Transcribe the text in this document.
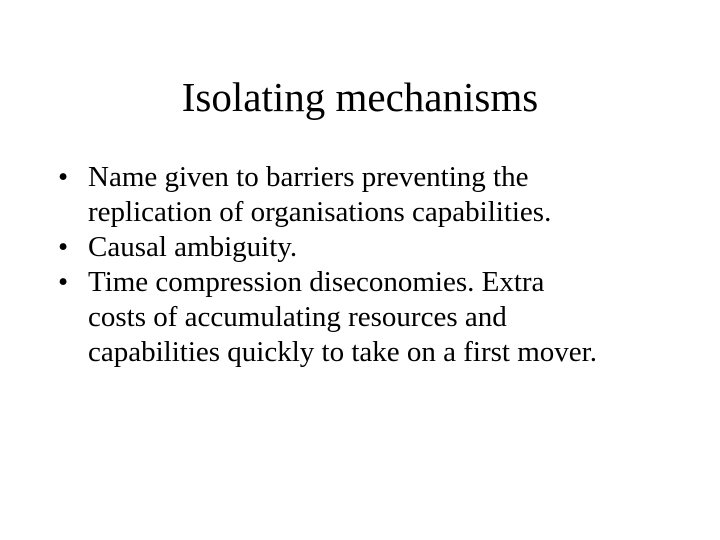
Isolating mechanisms
• Name given to barriers preventing the
replication of organisations capabilities.
• Causal ambiguity.
• Time compression diseconomies. Extra
costs of accumulating resources and
capabilities quickly to take on a first mover.
